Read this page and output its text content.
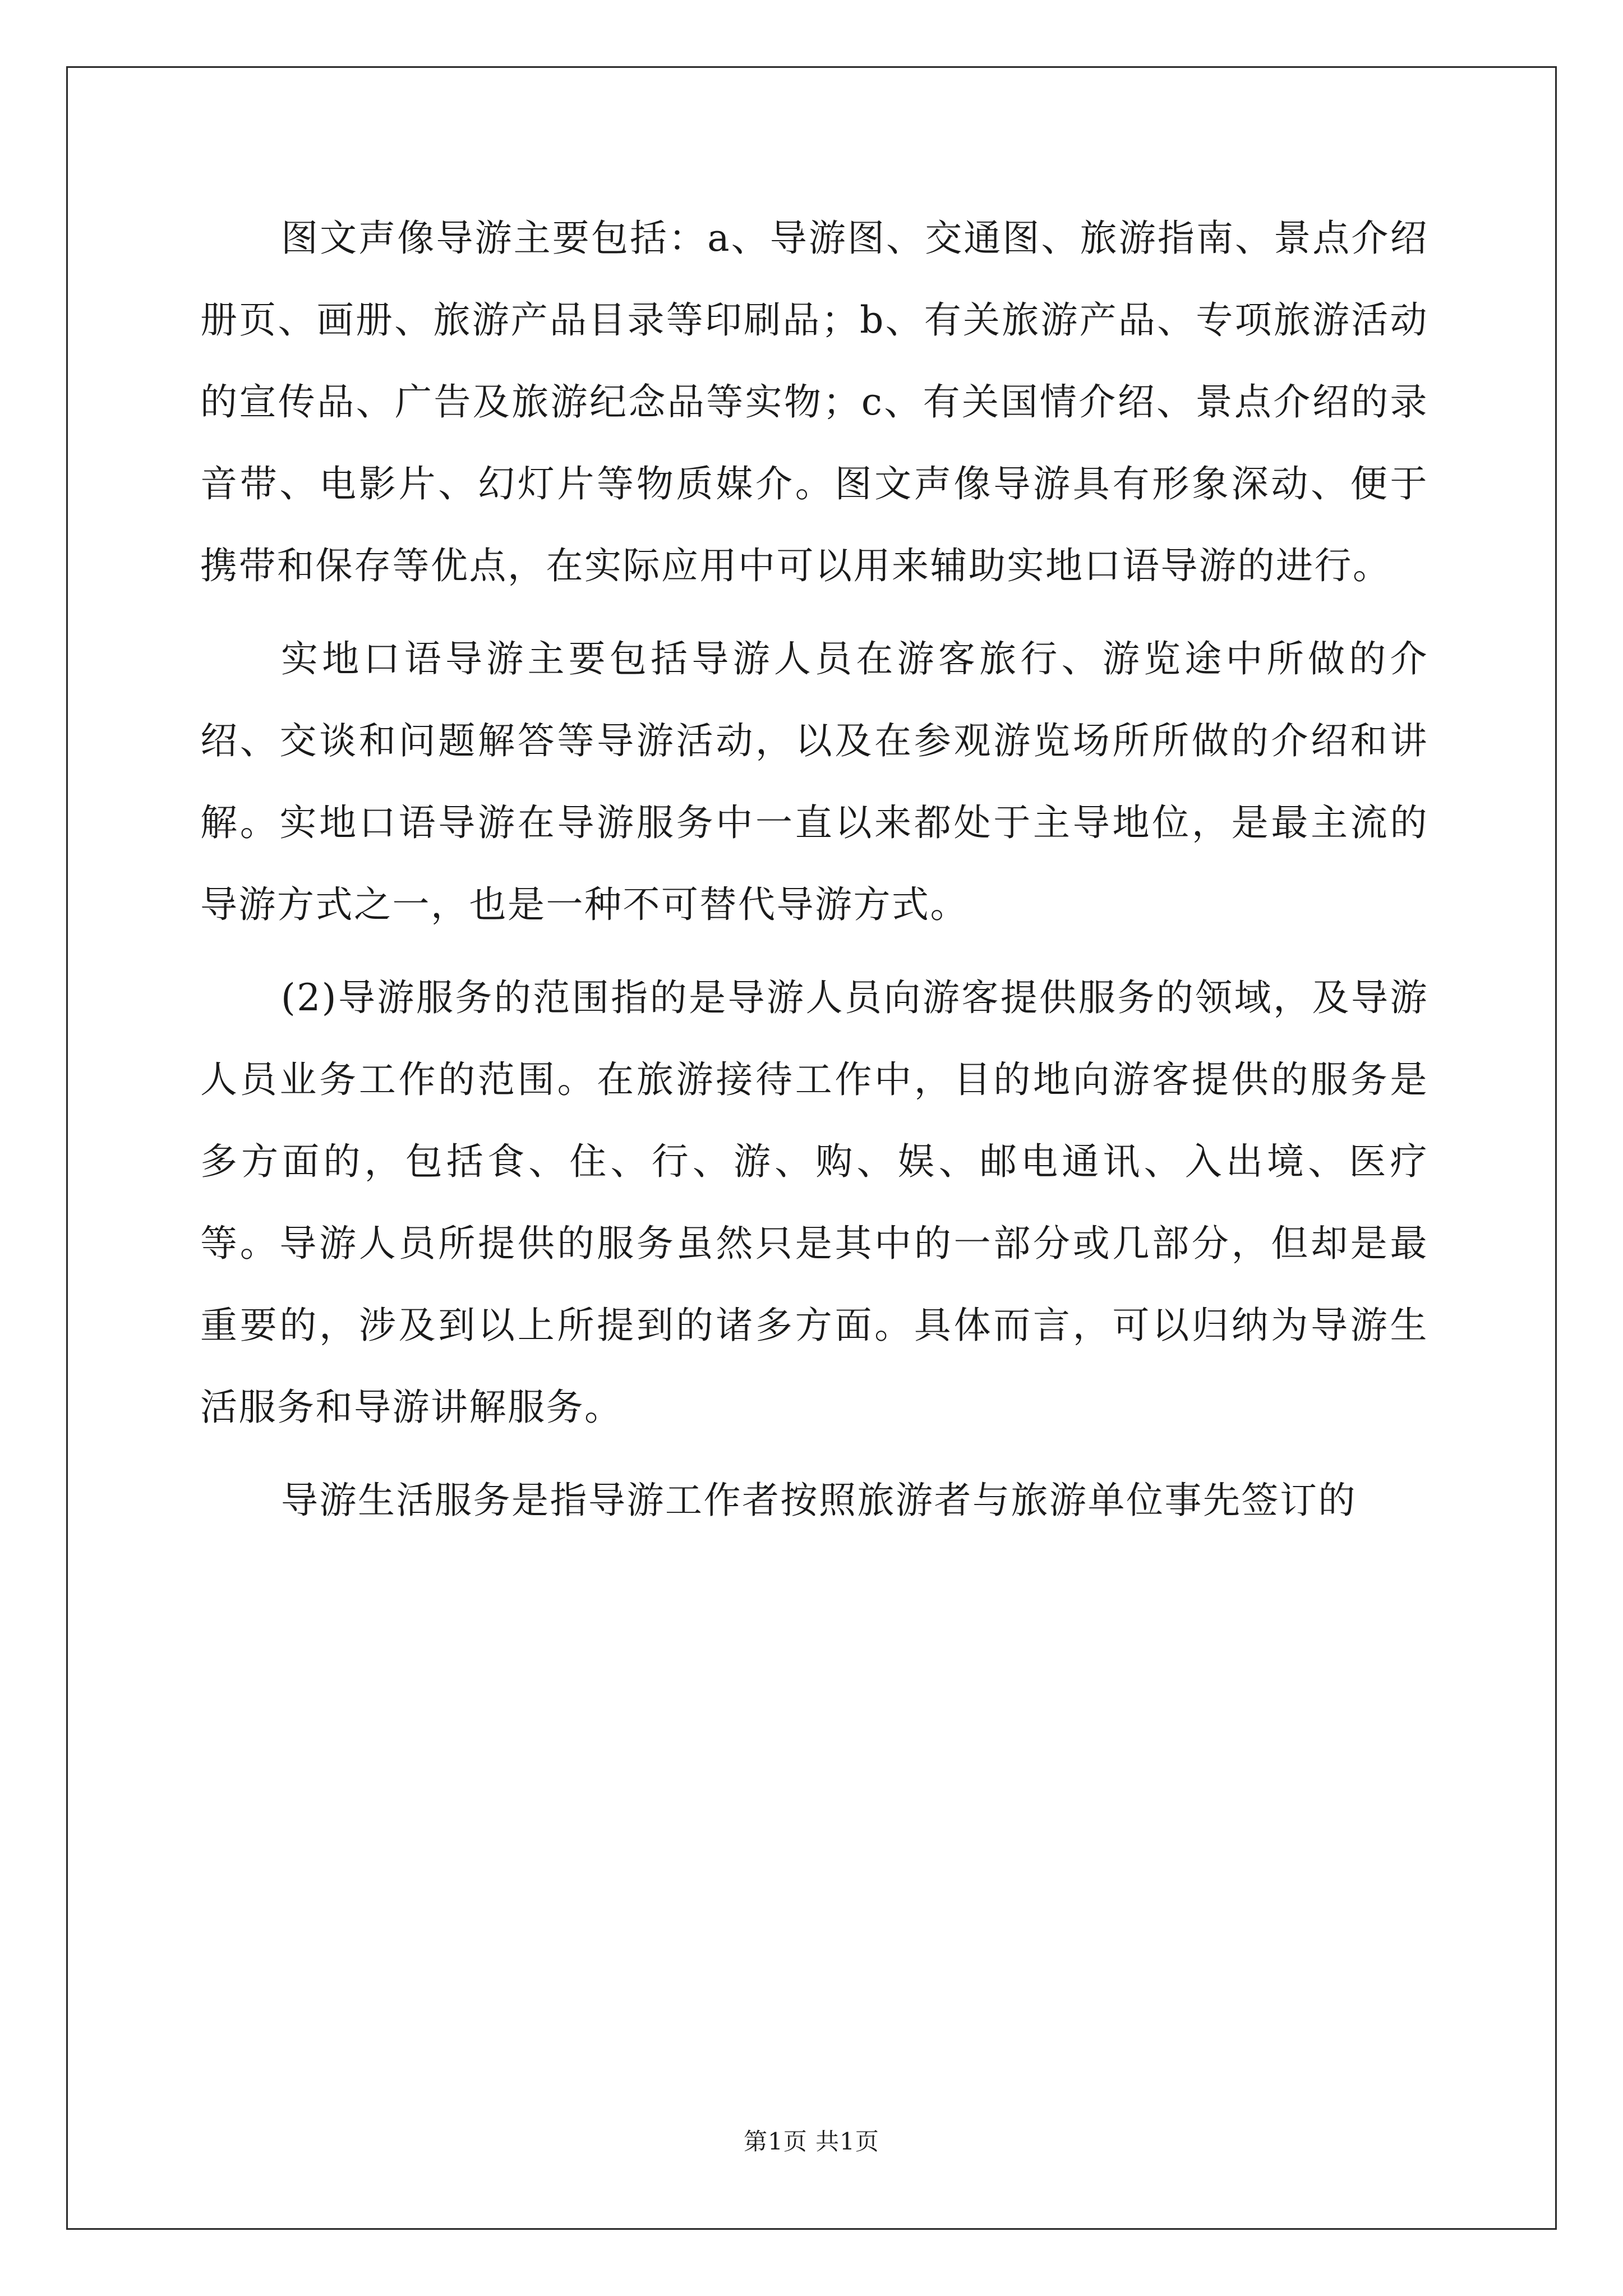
图文声像导游主要包括：a、导游图、交通图、旅游指南、景点介绍册页、画册、旅游产品目录等印刷品；b、有关旅游产品、专项旅游活动的宣传品、广告及旅游纪念品等实物；c、有关国情介绍、景点介绍的录音带、电影片、幻灯片等物质媒介。图文声像导游具有形象深动、便于携带和保存等优点，在实际应用中可以用来辅助实地口语导游的进行。

实地口语导游主要包括导游人员在游客旅行、游览途中所做的介绍、交谈和问题解答等导游活动，以及在参观游览场所所做的介绍和讲解。实地口语导游在导游服务中一直以来都处于主导地位，是最主流的导游方式之一，也是一种不可替代导游方式。

(2)导游服务的范围指的是导游人员向游客提供服务的领域，及导游人员业务工作的范围。在旅游接待工作中，目的地向游客提供的服务是多方面的，包括食、住、行、游、购、娱、邮电通讯、入出境、医疗等。导游人员所提供的服务虽然只是其中的一部分或几部分，但却是最重要的，涉及到以上所提到的诸多方面。具体而言，可以归纳为导游生活服务和导游讲解服务。

导游生活服务是指导游工作者按照旅游者与旅游单位事先签订的

第1页 共1页
